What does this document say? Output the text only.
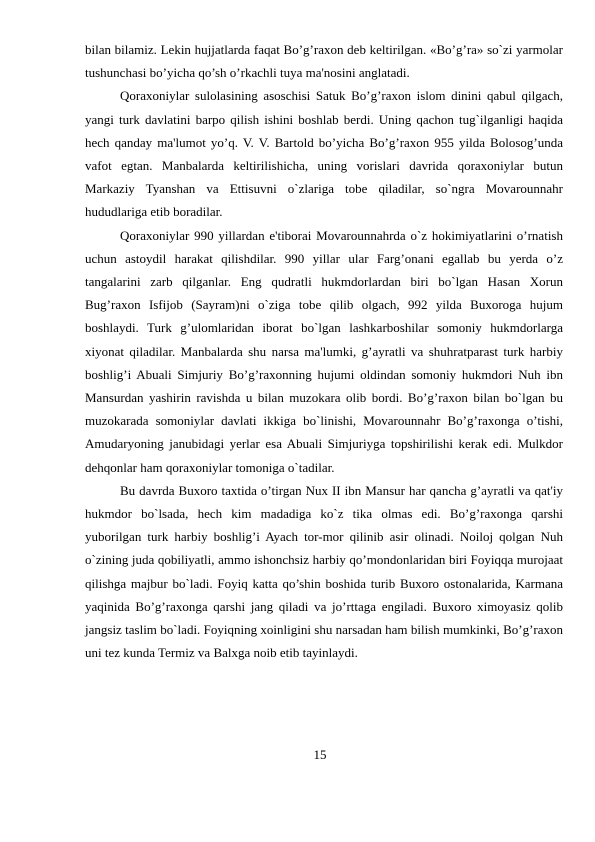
bilan bilamiz. Lekin hujjatlarda faqat Bo’g’raxon deb keltirilgan. «Bo’g’ra» so`zi yarmolar tushunchasi bo’yicha qo’sh o’rkachli tuya ma'nosini anglatadi.

Qoraxoniylar sulolasining asoschisi Satuk Bo’g’raxon islom dinini qabul qilgach, yangi turk davlatini barpo qilish ishini boshlab berdi. Uning qachon tug`ilganligi haqida hech qanday ma'lumot yo’q. V. V. Bartold bo’yicha Bo’g’raxon 955 yilda Bolosog’unda vafot egtan. Manbalarda keltirilishicha, uning vorislari davrida qoraxoniylar butun Markaziy Tyanshan va Ettisuvni o`zlariga tobe qiladilar, so`ngra Movarounnahr hududlariga etib boradilar.

Qoraxoniylar 990 yillardan e'tiborai Movarounnahrda o`z hokimiyatlarini o’rnatish uchun astoydil harakat qilishdilar. 990 yillar ular Farg’onani egallab bu yerda o’z tangalarini zarb qilganlar. Eng qudratli hukmdorlardan biri bo`lgan Hasan Xorun Bug’raxon Isfijob (Sayram)ni o`ziga tobe qilib olgach, 992 yilda Buxoroga hujum boshlaydi. Turk g’ulomlaridan iborat bo`lgan lashkarboshilar somoniy hukmdorlarga xiyonat qiladilar. Manbalarda shu narsa ma'lumki, g’ayratli va shuhratparast turk harbiy boshlig’i Abuali Simjuriy Bo’g’raxonning hujumi oldindan somoniy hukmdori Nuh ibn Mansurdan yashirin ravishda u bilan muzokara olib bordi. Bo’g’raxon bilan bo`lgan bu muzokarada somoniylar davlati ikkiga bo`linishi, Movarounnahr Bo’g’raxonga o’tishi, Amudaryoning janubidagi yerlar esa Abuali Simjuriyga topshirilishi kerak edi. Mulkdor dehqonlar ham qoraxoniylar tomoniga o`tadilar.

Bu davrda Buxoro taxtida o’tirgan Nux II ibn Mansur har qancha g’ayratli va qat'iy hukmdor bo`lsada, hech kim madadiga ko`z tika olmas edi. Bo’g’raxonga qarshi yuborilgan turk harbiy boshlig’i Ayach tor-mor qilinib asir olinadi. Noiloj qolgan Nuh o`zining juda qobiliyatli, ammo ishonchsiz harbiy qo’mondonlaridan biri Foyiqqa murojaat qilishga majbur bo`ladi. Foyiq katta qo’shin boshida turib Buxoro ostonalarida, Karmana yaqinida Bo’g’raxonga qarshi jang qiladi va jo’rttaga engiladi. Buxoro ximoyasiz qolib jangsiz taslim bo`ladi. Foyiqning xoinligini shu narsadan ham bilish mumkinki, Bo’g’raxon uni tez kunda Termiz va Balxga noib etib tayinlaydi.

15
